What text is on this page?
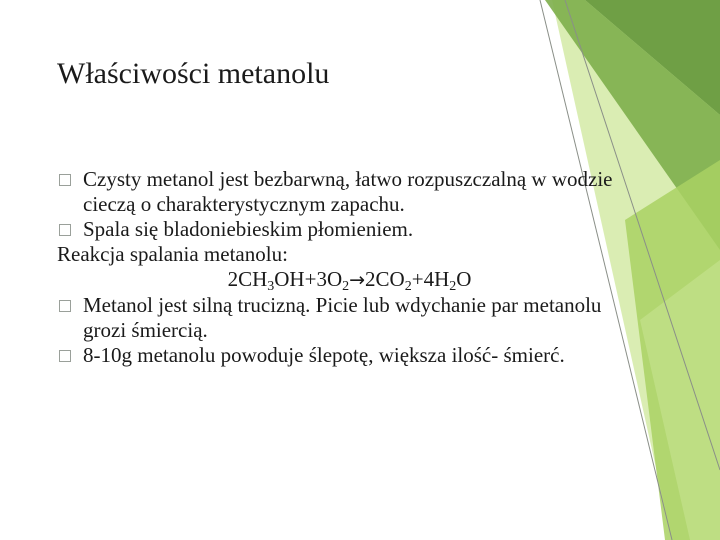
Właściwości metanolu

Czysty metanol jest bezbarwną, łatwo rozpuszczalną w wodzie cieczą o charakterystycznym zapachu.

Spala się bladoniebieskim płomieniem.

Reakcja spalania metanolu:

$2CH_3OH+3O_2\to 2CO_2+4H_2O$

Metanol jest silną trucizną. Picie lub wdychanie par metanolu grozi śmiercią.

8-10g metanolu powoduje ślepotę, większa ilość- śmierć.
